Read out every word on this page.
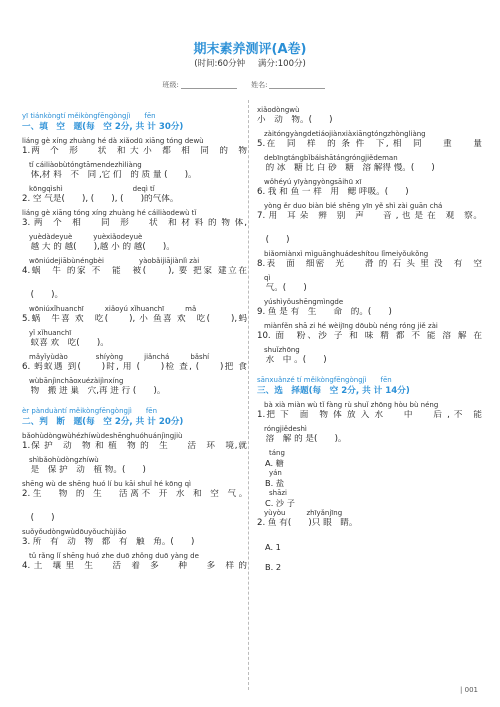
期末素养测评(A卷)
(时间:60分钟 满分:100分)
班级:	姓名:
yī tiánkòngtí měikòngfēngòngjì　　fēn
一、填　空　题(每　空 2分, 共 计 30分)
liáng gè xíng zhuàng hé dà xiǎodū xiāng tóng dewù
1.两　个　形　　状　和 大 小　都　相　同　的　物
　tǐ cáiliàobùtóngtāmendezhìliàng
　体,材 料　不　同 ,它 们　的 质 量 (　　)。
　kōngqìshì　　　　　　　　　　deqì tǐ
2. 空 气是(　　), (　　), (　　)的气体。
liáng gè xiāng tóng xíng zhuàng hé cáiliàodewù tǐ
3. 两　个　相　　同　形　　状　和 材 料 的 物 体,
　yuèdàdeyuè　　　yuèxiǎodeyuè
　越 大 的 越(　　),越 小 的 越(　　)。
　wōniúdejiābùnéngbèi　　　　　yàobǎijiājiànlì zài
4.蜗　牛 的家 不　能　被(　　), 要 把家 建立在

　(　　)。
　wōniúxǐhuanchī　　　xiǎoyú xǐhuanchī　　　mǎ
5.蜗　牛喜 欢　吃(　　), 小 鱼喜 欢　吃(　　),蚂
　yǐ xǐhuanchī
　蚁喜 欢　吃(　　)。
　mǎyǐyùdào　　　　shíyòng　　　jiǎnchá　　　bǎshí
6. 蚂蚁遇 到(　　)时, 用 (　　)检 查, (　　)把 食
　wùbānjìnchāoxuézàijìnxíng
　物　搬 进 巢　穴,再 进 行 (　　)。
èr pànduàntí měikòngfēngòngjì　　fēn
二、判　断　题(每　空 2分, 共 计 20分)
bǎohùdòngwùhézhíwùdeshēnghuóhuánjìngjiù
1.保 护　动　物 和 植　物 的　生　　活　环　境,就
　shìbǎohùdòngzhíwù
　是　保 护　动　植 物。(　　)
shēng wù de shēng huó lí bu kāi shuǐ hé kōng qì
2. 生　　物　的　生　　活 离 不　开　水　和　空　气 。

　(　　)
suǒyǒudòngwùdōuyǒuchùjiǎo
3. 所　有　动　物　都　有　触　角。(　　)
　tǔ rǎng lǐ shēng huó zhe duō zhǒng duō yàng de
4. 土　壤 里　生　　活　着　多　　种　　多　样 的
xiǎodòngwù
小　动　物。(　　)
　zàitóngyàngdetiáojiànxiàxiāngtóngzhòngliàng
5.在　同　样　的 条 件　下, 相　同　　重　　量
　debīngtángbǐbáishātángróngjiědeman
　的 冰　糖 比 白 砂　糖　溶 解得 慢。(　　)
　wǒhéyú yīyàngyòngsāihū xī
6. 我 和 鱼 一 样　用　鳃 呼吸。(　　)
　yòng ěr duo biàn bié shēng yīn yě shì zài guān chá
7. 用　耳 朵　辨　别　声　　音 , 也 是 在　观　察。

　(　　)
　biǎomiànxì mìguānghuádeshítou lǐmeiyǒukǒng
8.表　面　细密　光　　滑 的 石 头 里 没　有　空
　qì
　气。(　　)
　yúshìyǒushēngmìngde
9. 鱼 是 有　生　　命　的。(　　)
　miànfěn shā zi hé wèijīng dōubù néng róng jiě zài
10. 面　粉、沙 子 和 味 精 都 不 能 溶 解 在
　shuǐzhōng
　水　中 。(　　)
sānxuǎnzé tí měikòngfēngòngjì　　fēn
三、选　择题(每　空 2分, 共 计 14分)
　bà xià miàn wù tǐ fàng rù shuǐ zhōng hòu bù néng
1.把 下　面　物 体 放 入 水　　中　　后 , 不　能
　róngjiědeshì
　溶　解 的 是(　　)。
táng
A. 糖
yán
B. 盐
shāzi
C. 沙 子
　yùyòu　　　zhīyǎnjīng
2. 鱼 有(　　)只 眼　睛。

A. 1

B. 2
| 001
